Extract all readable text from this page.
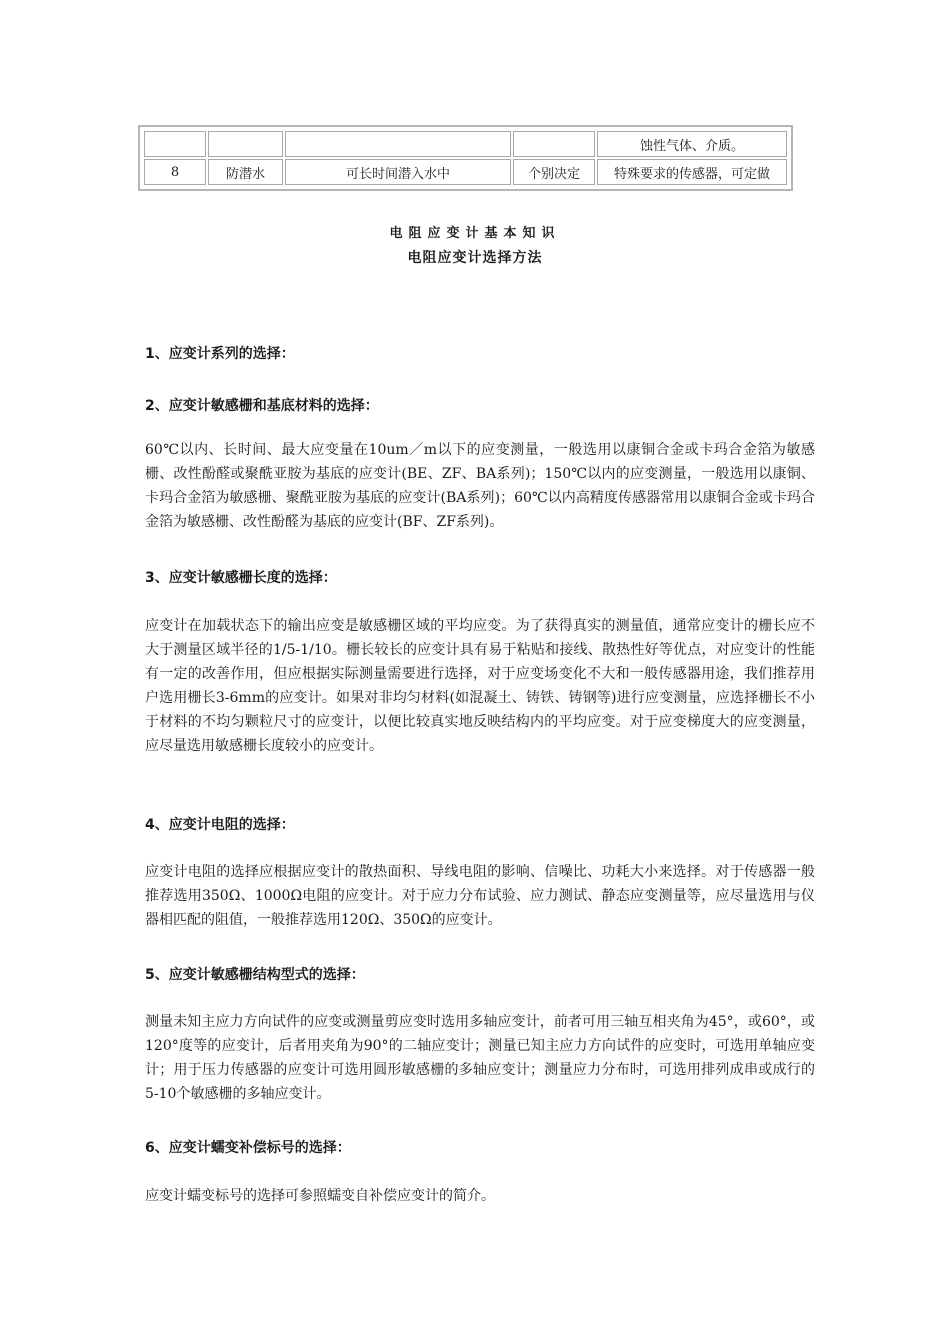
				蚀性气体、介质。
8	防潜水	可长时间潜入水中	个别决定	特殊要求的传感器，可定做
电阻应变计基本知识
电阻应变计选择方法
1、应变计系列的选择：
2、应变计敏感栅和基底材料的选择：
60℃以内、长时间、最大应变量在10um／m以下的应变测量，一般选用以康铜合金或卡玛合金箔为敏感栅、改性酚醛或聚酰亚胺为基底的应变计(BE、ZF、BA系列)；150℃以内的应变测量，一般选用以康铜、卡玛合金箔为敏感栅、聚酰亚胺为基底的应变计(BA系列)；60℃以内高精度传感器常用以康铜合金或卡玛合金箔为敏感栅、改性酚醛为基底的应变计(BF、ZF系列)。
3、应变计敏感栅长度的选择：
应变计在加载状态下的输出应变是敏感栅区域的平均应变。为了获得真实的测量值，通常应变计的栅长应不大于测量区域半径的1/5-1/10。栅长较长的应变计具有易于粘贴和接线、散热性好等优点，对应变计的性能有一定的改善作用，但应根据实际测量需要进行选择，对于应变场变化不大和一般传感器用途，我们推荐用户选用栅长3-6mm的应变计。如果对非均匀材料(如混凝土、铸铁、铸钢等)进行应变测量，应选择栅长不小于材料的不均匀颗粒尺寸的应变计，以便比较真实地反映结构内的平均应变。对于应变梯度大的应变测量，应尽量选用敏感栅长度较小的应变计。
4、应变计电阻的选择：
应变计电阻的选择应根据应变计的散热面积、导线电阻的影响、信噪比、功耗大小来选择。对于传感器一般推荐选用350Ω、1000Ω电阻的应变计。对于应力分布试验、应力测试、静态应变测量等，应尽量选用与仪器相匹配的阻值，一般推荐选用120Ω、350Ω的应变计。
5、应变计敏感栅结构型式的选择：
测量未知主应力方向试件的应变或测量剪应变时选用多轴应变计，前者可用三轴互相夹角为45°，或60°，或120°度等的应变计，后者用夹角为90°的二轴应变计；测量已知主应力方向试件的应变时，可选用单轴应变计；用于压力传感器的应变计可选用圆形敏感栅的多轴应变计；测量应力分布时，可选用排列成串或成行的5-10个敏感栅的多轴应变计。
6、应变计蠕变补偿标号的选择：
应变计蠕变标号的选择可参照蠕变自补偿应变计的简介。
